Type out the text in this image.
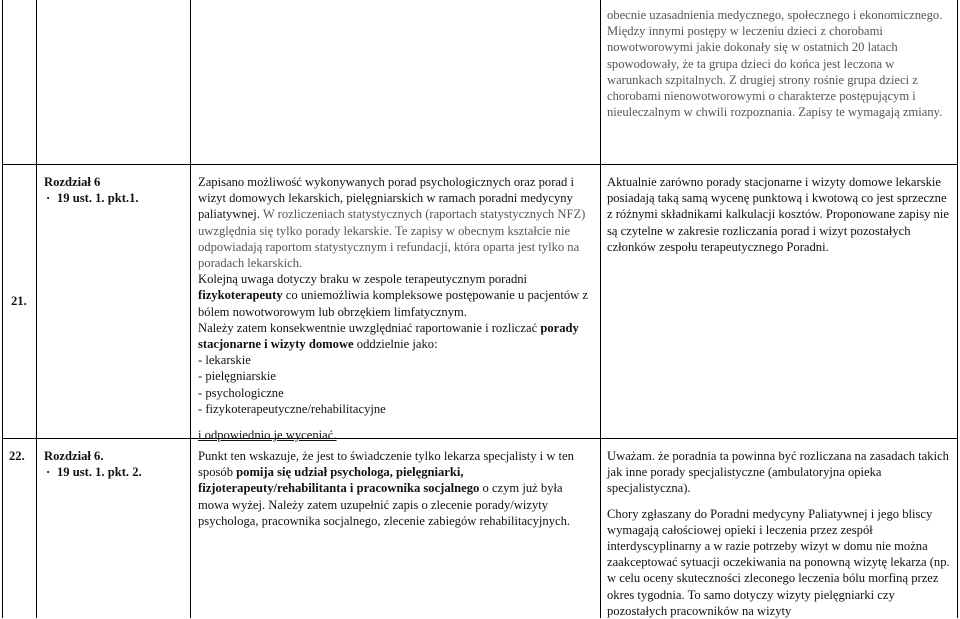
obecnie uzasadnienia medycznego, społecznego i ekonomicznego. Między innymi postępy w leczeniu dzieci z chorobami nowotworowymi jakie dokonały się w ostatnich 20 latach spowodowały, że ta grupa dzieci do końca jest leczona w warunkach szpitalnych. Z drugiej strony rośnie grupa dzieci z chorobami nienowotworowymi o charakterze postępującym i nieuleczalnym w chwili rozpoznania. Zapisy te wymagają zmiany.
21.
Rozdział 6
· 19 ust. 1. pkt.1.

Zapisano możliwość wykonywanych porad psychologicznych oraz porad i wizyt domowych lekarskich, pielęgniarskich w ramach poradni medycyny paliatywnej. W rozliczeniach statystycznych (raportach statystycznych NFZ) uwzględnia się tylko porady lekarskie. Te zapisy w obecnym kształcie nie odpowiadają raportom statystycznym i refundacji, która oparta jest tylko na poradach lekarskich.

Kolejną uwaga dotyczy braku w zespole terapeutycznym poradni fizykoterapeuty co uniemożliwia kompleksowe postępowanie u pacjentów z bólem nowotworowym lub obrzękiem limfatycznym.

Należy zatem konsekwentnie uwzględniać raportowanie i rozliczać porady stacjonarne i wizyty domowe oddzielnie jako:

- lekarskie

- pielęgniarskie

- psychologiczne

- fizykoterapeutyczne/rehabilitacyjne

i odpowiednio je wyceniać.

Aktualnie zarówno porady stacjonarne i wizyty domowe lekarskie posiadają taką samą wycenę punktową i kwotową co jest sprzeczne z różnymi składnikami kalkulacji kosztów. Proponowane zapisy nie są czytelne w zakresie rozliczania porad i wizyt pozostałych członków zespołu terapeutycznego Poradni.
22. Rozdział 6.
· 19 ust. 1. pkt. 2.
Punkt ten wskazuje, że jest to świadczenie tylko lekarza specjalisty i w ten sposób pomija się udział psychologa, pielęgniarki, fizjoterapeuty/rehabilitanta i pracownika socjalnego o czym już była mowa wyżej. Należy zatem uzupełnić zapis o zlecenie porady/wizyty psychologa, pracownika socjalnego, zlecenie zabiegów rehabilitacyjnych.

Uważam. że poradnia ta powinna być rozliczana na zasadach takich jak inne porady specjalistyczne (ambulatoryjna opieka specjalistyczna).

Chory zgłaszany do Poradni medycyny Paliatywnej i jego bliscy wymagają całościowej opieki i leczenia przez zespół interdyscyplinarny a w razie potrzeby wizyt w domu nie można zaakceptować sytuacji oczekiwania na ponowną wizytę lekarza (np. w celu oceny skuteczności zleconego leczenia bólu morfiną przez okres tygodnia. To samo dotyczy wizyty pielęgniarki czy pozostałych pracowników na wizyty
